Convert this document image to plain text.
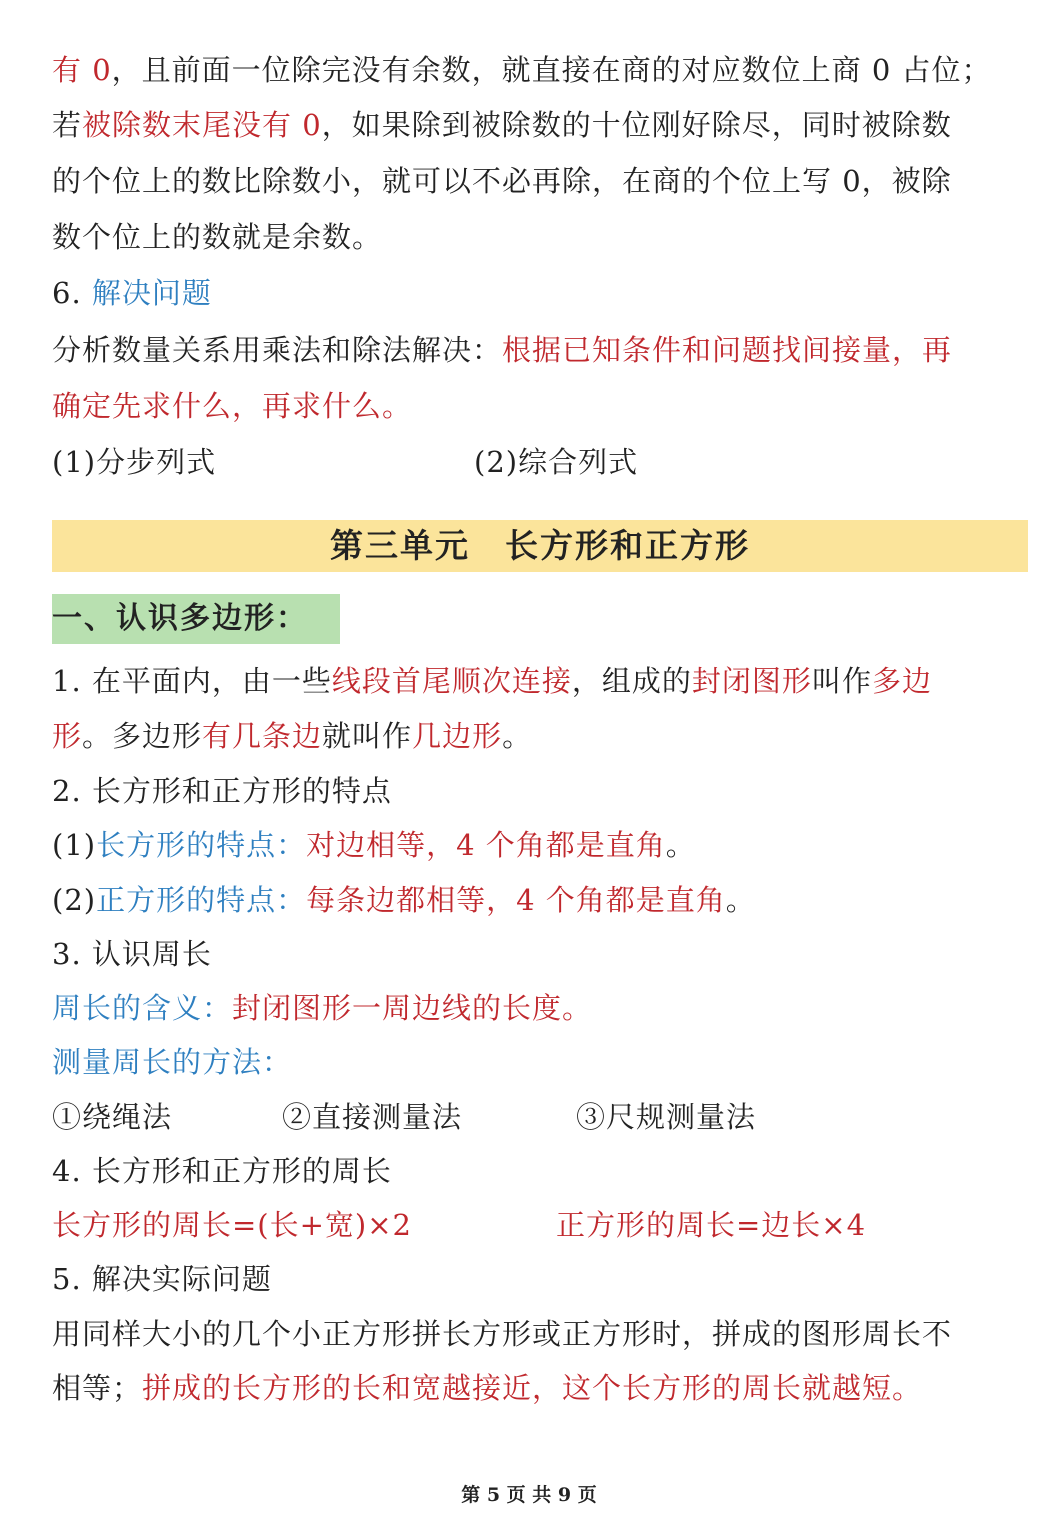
有 0，且前面一位除完没有余数，就直接在商的对应数位上商 0 占位；
若被除数末尾没有 0，如果除到被除数的十位刚好除尽，同时被除数
的个位上的数比除数小，就可以不必再除，在商的个位上写 0，被除
数个位上的数就是余数。
6. 解决问题
分析数量关系用乘法和除法解决：根据已知条件和问题找间接量，再
确定先求什么，再求什么。
(1)分步列式	(2)综合列式
第三单元　长方形和正方形
一、认识多边形：
1. 在平面内，由一些线段首尾顺次连接，组成的封闭图形叫作多边
形。多边形有几条边就叫作几边形。
2. 长方形和正方形的特点
(1)长方形的特点：对边相等，4 个角都是直角。
(2)正方形的特点：每条边都相等，4 个角都是直角。
3. 认识周长
周长的含义：封闭图形一周边线的长度。
测量周长的方法：
①绕绳法	②直接测量法	③尺规测量法
4. 长方形和正方形的周长
长方形的周长=(长+宽)×2	正方形的周长=边长×4
5. 解决实际问题
用同样大小的几个小正方形拼长方形或正方形时，拼成的图形周长不
相等；拼成的长方形的长和宽越接近，这个长方形的周长就越短。
第 5 页 共 9 页
